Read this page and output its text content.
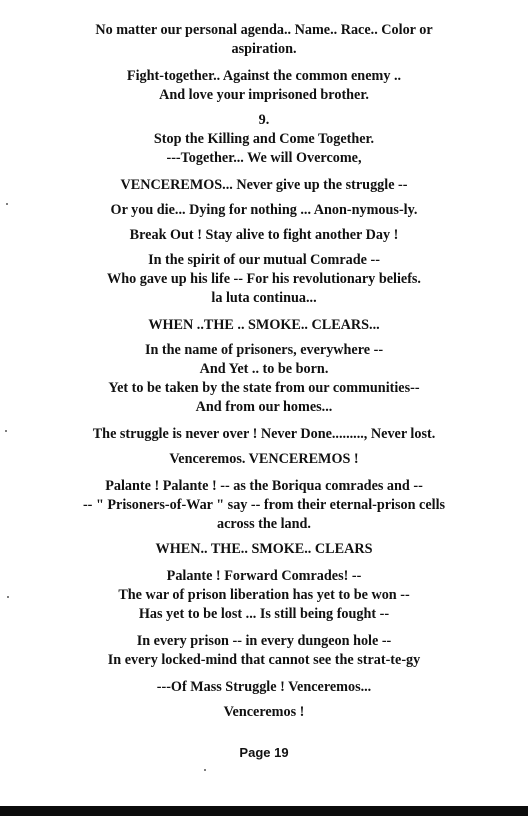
No matter our personal agenda.. Name.. Race.. Color or
aspiration.

Fight-together.. Against the common enemy ..
And love your imprisoned brother.

9.

Stop the Killing and Come Together.
---Together... We will Overcome,

VENCEREMOS... Never give up the struggle --

Or you die... Dying for nothing ... Anon-nymous-ly.

Break Out ! Stay alive to fight another Day !

In the spirit of our mutual Comrade --
Who gave up his life -- For his revolutionary beliefs.
la luta continua...

WHEN ..THE .. SMOKE.. CLEARS...

In the name of prisoners, everywhere --
And Yet .. to be born.
Yet to be taken by the state from our communities--
And from our homes...

The struggle is never over ! Never Done........., Never lost.

Venceremos. VENCEREMOS !

Palante ! Palante ! -- as the Boriqua comrades and --
-- " Prisoners-of-War " say -- from their eternal-prison cells
across the land.

WHEN.. THE.. SMOKE.. CLEARS

Palante ! Forward Comrades! --
The war of prison liberation has yet to be won --
Has yet to be lost ... Is still being fought --

In every prison -- in every dungeon hole --
In every locked-mind that cannot see the strat-te-gy

---Of Mass Struggle ! Venceremos...

Venceremos !

Page 19
